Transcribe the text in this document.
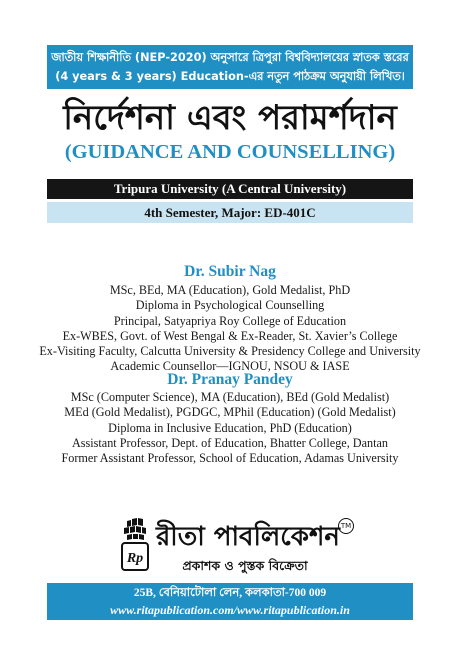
জাতীয় শিক্ষানীতি (NEP-2020) অনুসারে ত্রিপুরা বিশ্ববিদ্যালয়ের স্নাতক স্তরের
(4 years & 3 years) Education-এর নতুন পাঠক্রম অনুযায়ী লিখিত।
নির্দেশনা এবং পরামর্শদান
(GUIDANCE AND COUNSELLING)
Tripura University (A Central University)
4th Semester, Major: ED-401C
Dr. Subir Nag
MSc, BEd, MA (Education), Gold Medalist, PhD
Diploma in Psychological Counselling
Principal, Satyapriya Roy College of Education
Ex-WBES, Govt. of West Bengal & Ex-Reader, St. Xavier’s College
Ex-Visiting Faculty, Calcutta University & Presidency College and University
Academic Counsellor—IGNOU, NSOU & IASE
Dr. Pranay Pandey
MSc (Computer Science), MA (Education), BEd (Gold Medalist)
MEd (Gold Medalist), PGDGC, MPhil (Education) (Gold Medalist)
Diploma in Inclusive Education, PhD (Education)
Assistant Professor, Dept. of Education, Bhatter College, Dantan
Former Assistant Professor, School of Education, Adamas University
Rp
রীতা পাবলিকেশন TM
প্রকাশক ও পুস্তক বিক্রেতা
25B, বেনিয়াটোলা লেন, কলকাতা-700 009
www.ritapublication.com/www.ritapublication.in
